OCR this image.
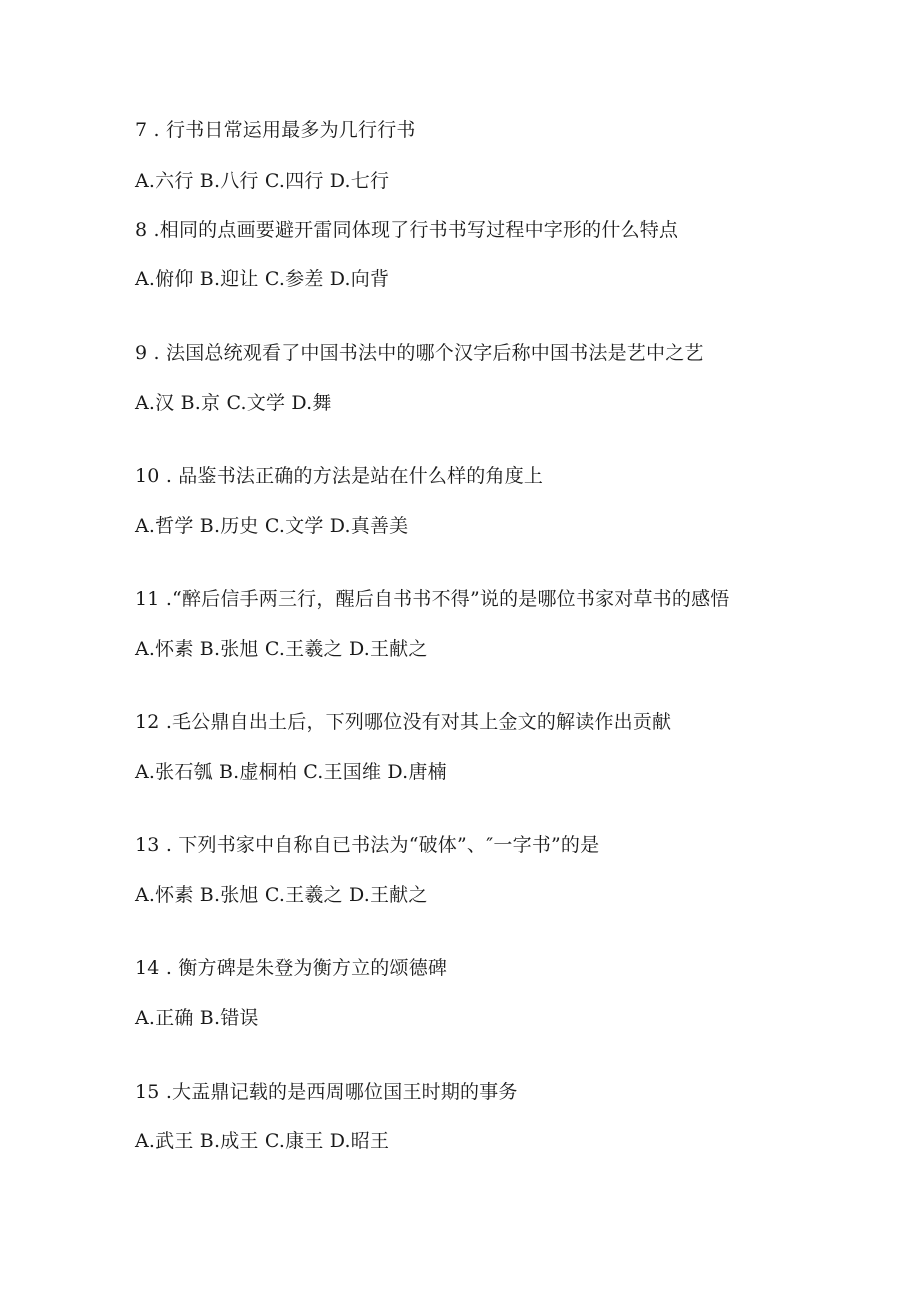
7 . 行书日常运用最多为几行行书
A.六行 B.八行 C.四行 D.七行
8 .相同的点画要避开雷同体现了行书书写过程中字形的什么特点
A.俯仰 B.迎让 C.参差 D.向背
9 . 法国总统观看了中国书法中的哪个汉字后称中国书法是艺中之艺
A.汉 B.京 C.文学 D.舞
10 . 品鉴书法正确的方法是站在什么样的角度上
A.哲学 B.历史 C.文学 D.真善美
11 .“醉后信手两三行，醒后自书书不得”说的是哪位书家对草书的感悟
A.怀素 B.张旭 C.王羲之 D.王献之
12 .毛公鼎自出土后，下列哪位没有对其上金文的解读作出贡献
A.张石瓠 B.虚桐柏 C.王国维 D.唐楠
13 . 下列书家中自称自已书法为“破体”、″一字书”的是
A.怀素 B.张旭 C.王羲之 D.王献之
14 . 衡方碑是朱登为衡方立的颂德碑
A.正确 B.错误
15 .大盂鼎记载的是西周哪位国王时期的事务
A.武王 B.成王 C.康王 D.昭王
